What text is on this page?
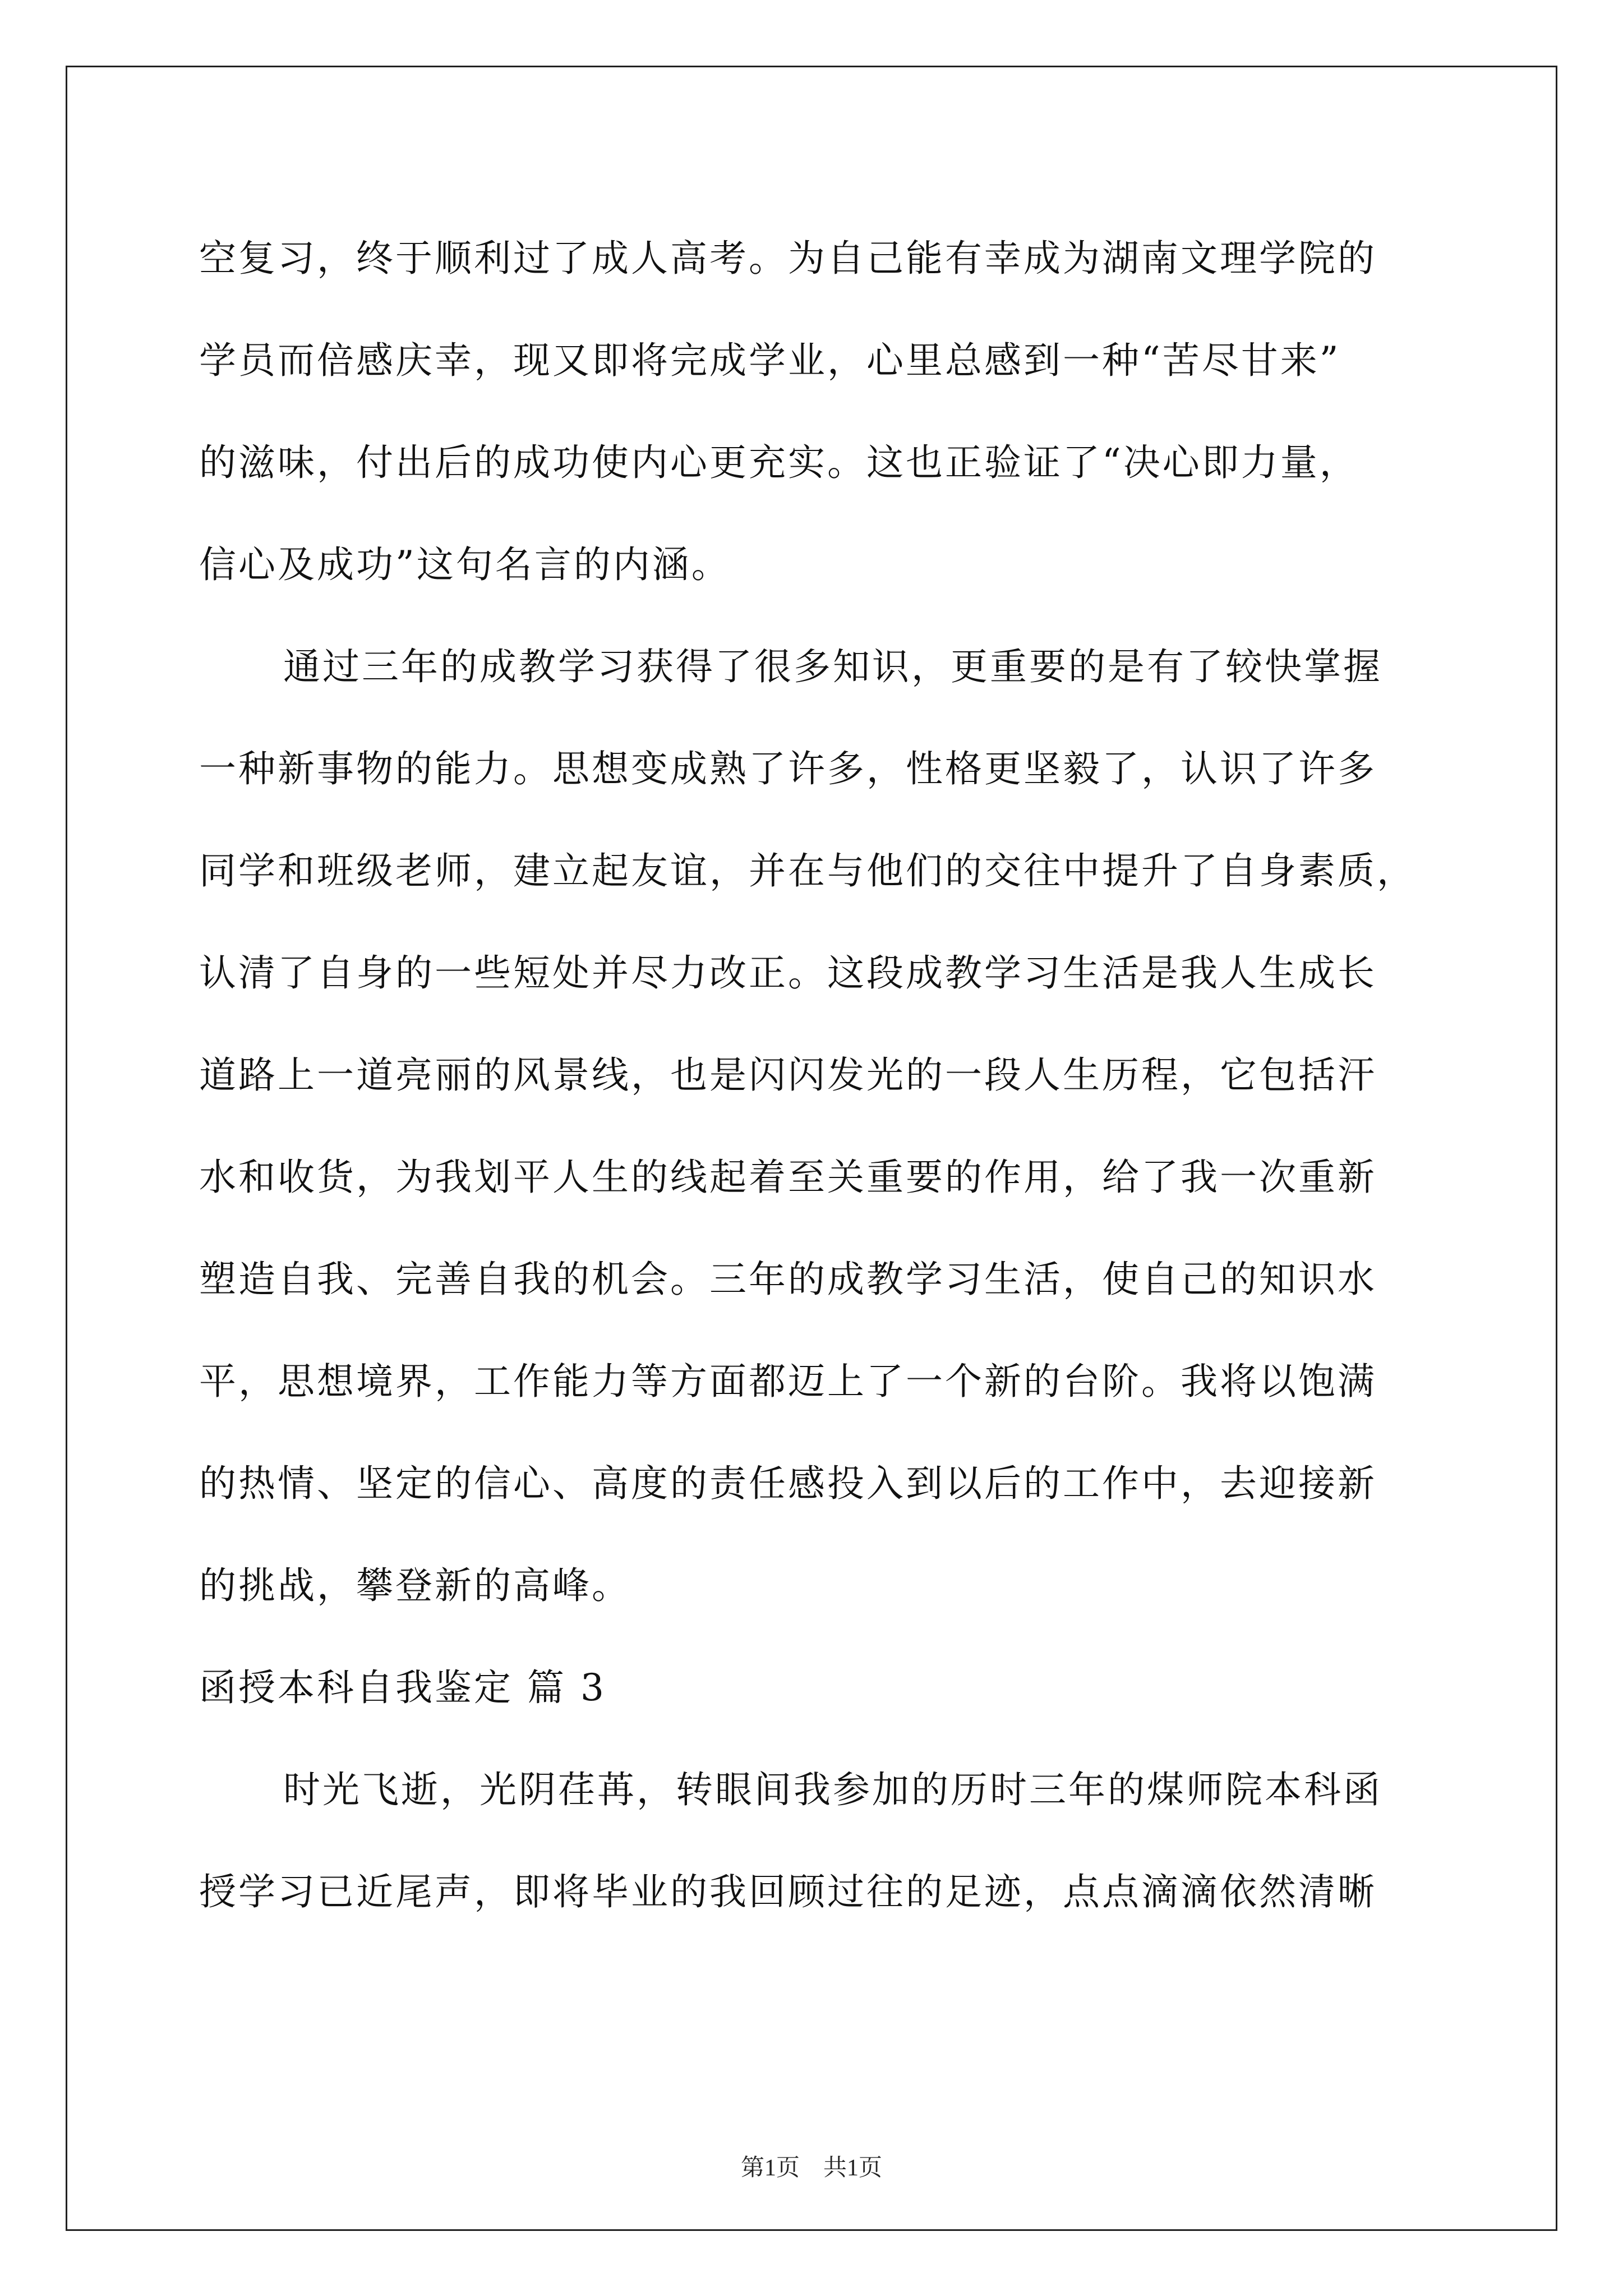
空复习，终于顺利过了成人高考。为自己能有幸成为湖南文理学院的
学员而倍感庆幸，现又即将完成学业，心里总感到一种“苦尽甘来”
的滋味，付出后的成功使内心更充实。这也正验证了“决心即力量，
信心及成功”这句名言的内涵。
通过三年的成教学习获得了很多知识，更重要的是有了较快掌握
一种新事物的能力。思想变成熟了许多，性格更坚毅了，认识了许多
同学和班级老师，建立起友谊，并在与他们的交往中提升了自身素质，
认清了自身的一些短处并尽力改正。这段成教学习生活是我人生成长
道路上一道亮丽的风景线，也是闪闪发光的一段人生历程，它包括汗
水和收货，为我划平人生的线起着至关重要的作用，给了我一次重新
塑造自我、完善自我的机会。三年的成教学习生活，使自己的知识水
平，思想境界，工作能力等方面都迈上了一个新的台阶。我将以饱满
的热情、坚定的信心、高度的责任感投入到以后的工作中，去迎接新
的挑战，攀登新的高峰。
函授本科自我鉴定 篇 3
时光飞逝，光阴荏苒，转眼间我参加的历时三年的煤师院本科函
授学习已近尾声，即将毕业的我回顾过往的足迹，点点滴滴依然清晰
第1页　共1页
